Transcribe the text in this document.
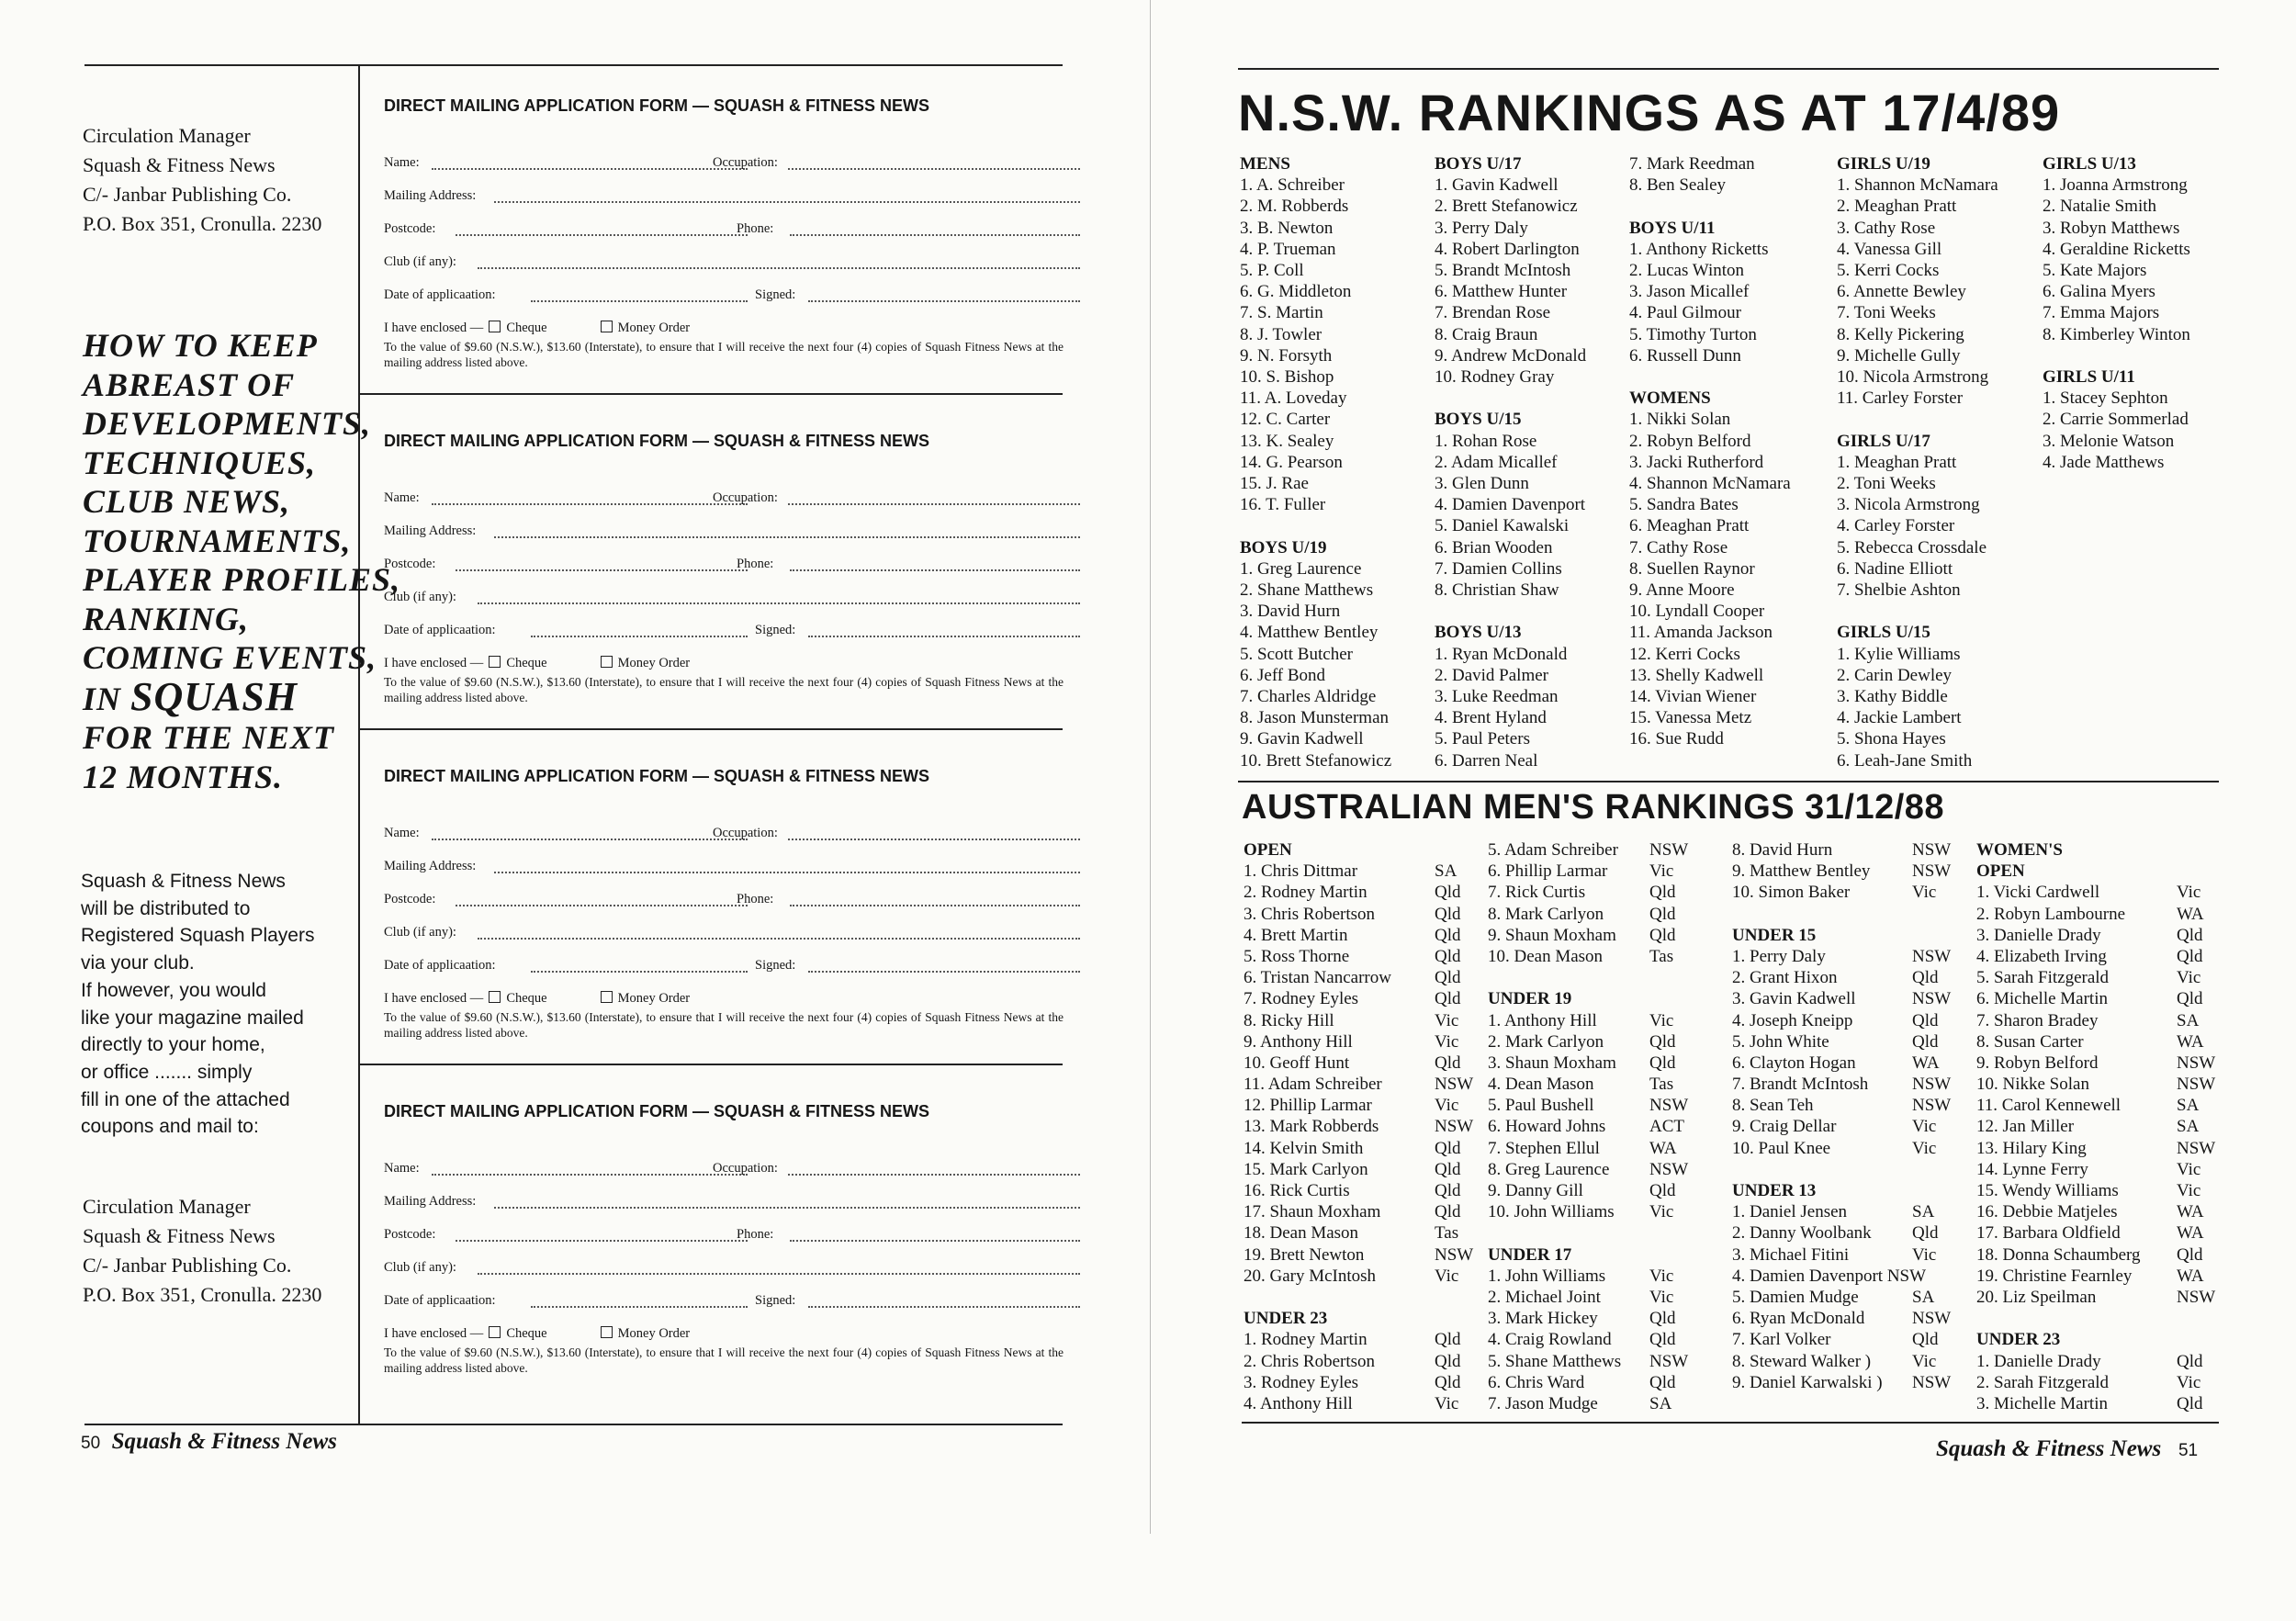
Circulation Manager
Squash & Fitness News
C/- Janbar Publishing Co.
P.O. Box 351, Cronulla. 2230
HOW TO KEEP
ABREAST OF
DEVELOPMENTS,
TECHNIQUES,
CLUB NEWS,
TOURNAMENTS,
PLAYER PROFILES,
RANKING,
COMING EVENTS,
IN SQUASH
FOR THE NEXT
12 MONTHS.
Squash & Fitness News
will be distributed to
Registered Squash Players
via your club.
If however, you would
like your magazine mailed
directly to your home,
or office ....... simply
fill in one of the attached
coupons and mail to:
Circulation Manager
Squash & Fitness News
C/- Janbar Publishing Co.
P.O. Box 351, Cronulla. 2230
DIRECT MAILING APPLICATION FORM — SQUASH & FITNESS NEWS
Name:	Occupation:
Mailing Address:
Postcode:	Phone:
Club (if any):
Date of applicaation:	Signed:
I have enclosed — Cheque	Money Order
To the value of $9.60 (N.S.W.), $13.60 (Interstate), to ensure that I will receive the next four (4) copies of Squash Fitness News at the mailing address listed above.
DIRECT MAILING APPLICATION FORM — SQUASH & FITNESS NEWS
Name:	Occupation:
Mailing Address:
Postcode:	Phone:
Club (if any):
Date of applicaation:	Signed:
I have enclosed — Cheque	Money Order
To the value of $9.60 (N.S.W.), $13.60 (Interstate), to ensure that I will receive the next four (4) copies of Squash Fitness News at the mailing address listed above.
DIRECT MAILING APPLICATION FORM — SQUASH & FITNESS NEWS
Name:	Occupation:
Mailing Address:
Postcode:	Phone:
Club (if any):
Date of applicaation:	Signed:
I have enclosed — Cheque	Money Order
To the value of $9.60 (N.S.W.), $13.60 (Interstate), to ensure that I will receive the next four (4) copies of Squash Fitness News at the mailing address listed above.
DIRECT MAILING APPLICATION FORM — SQUASH & FITNESS NEWS
Name:	Occupation:
Mailing Address:
Postcode:	Phone:
Club (if any):
Date of applicaation:	Signed:
I have enclosed — Cheque	Money Order
To the value of $9.60 (N.S.W.), $13.60 (Interstate), to ensure that I will receive the next four (4) copies of Squash Fitness News at the mailing address listed above.
50 Squash & Fitness News
N.S.W. RANKINGS AS AT 17/4/89
MENS
1. A. Schreiber
2. M. Robberds
3. B. Newton
4. P. Trueman
5. P. Coll
6. G. Middleton
7. S. Martin
8. J. Towler
9. N. Forsyth
10. S. Bishop
11. A. Loveday
12. C. Carter
13. K. Sealey
14. G. Pearson
15. J. Rae
16. T. Fuller
BOYS U/19
1. Greg Laurence
2. Shane Matthews
3. David Hurn
4. Matthew Bentley
5. Scott Butcher
6. Jeff Bond
7. Charles Aldridge
8. Jason Munsterman
9. Gavin Kadwell
10. Brett Stefanowicz
BOYS U/17
1. Gavin Kadwell
2. Brett Stefanowicz
3. Perry Daly
4. Robert Darlington
5. Brandt McIntosh
6. Matthew Hunter
7. Brendan Rose
8. Craig Braun
9. Andrew McDonald
10. Rodney Gray
BOYS U/15
1. Rohan Rose
2. Adam Micallef
3. Glen Dunn
4. Damien Davenport
5. Daniel Kawalski
6. Brian Wooden
7. Damien Collins
8. Christian Shaw
BOYS U/13
1. Ryan McDonald
2. David Palmer
3. Luke Reedman
4. Brent Hyland
5. Paul Peters
6. Darren Neal
7. Mark Reedman
8. Ben Sealey
BOYS U/11
1. Anthony Ricketts
2. Lucas Winton
3. Jason Micallef
4. Paul Gilmour
5. Timothy Turton
6. Russell Dunn
WOMENS
1. Nikki Solan
2. Robyn Belford
3. Jacki Rutherford
4. Shannon McNamara
5. Sandra Bates
6. Meaghan Pratt
7. Cathy Rose
8. Suellen Raynor
9. Anne Moore
10. Lyndall Cooper
11. Amanda Jackson
12. Kerri Cocks
13. Shelly Kadwell
14. Vivian Wiener
15. Vanessa Metz
16. Sue Rudd
GIRLS U/19
1. Shannon McNamara
2. Meaghan Pratt
3. Cathy Rose
4. Vanessa Gill
5. Kerri Cocks
6. Annette Bewley
7. Toni Weeks
8. Kelly Pickering
9. Michelle Gully
10. Nicola Armstrong
11. Carley Forster
GIRLS U/17
1. Meaghan Pratt
2. Toni Weeks
3. Nicola Armstrong
4. Carley Forster
5. Rebecca Crossdale
6. Nadine Elliott
7. Shelbie Ashton
GIRLS U/15
1. Kylie Williams
2. Carin Dewley
3. Kathy Biddle
4. Jackie Lambert
5. Shona Hayes
6. Leah-Jane Smith
GIRLS U/13
1. Joanna Armstrong
2. Natalie Smith
3. Robyn Matthews
4. Geraldine Ricketts
5. Kate Majors
6. Galina Myers
7. Emma Majors
8. Kimberley Winton
GIRLS U/11
1. Stacey Sephton
2. Carrie Sommerlad
3. Melonie Watson
4. Jade Matthews
AUSTRALIAN MEN'S RANKINGS 31/12/88
OPEN
1. Chris Dittmar	SA
2. Rodney Martin	Qld
3. Chris Robertson	Qld
4. Brett Martin	Qld
5. Ross Thorne	Qld
6. Tristan Nancarrow Qld
7. Rodney Eyles	Qld
8. Ricky Hill	Vic
9. Anthony Hill	Vic
10. Geoff Hunt	Qld
11. Adam Schreiber	NSW
12. Phillip Larmar	Vic
13. Mark Robberds	NSW
14. Kelvin Smith	Qld
15. Mark Carlyon	Qld
16. Rick Curtis	Qld
17. Shaun Moxham	Qld
18. Dean Mason	Tas
19. Brett Newton	NSW
20. Gary McIntosh	Vic
UNDER 23
1. Rodney Martin	Qld
2. Chris Robertson	Qld
3. Rodney Eyles	Qld
4. Anthony Hill	Vic
5. Adam Schreiber NSW
6. Phillip Larmar Vic
7. Rick Curtis	Qld
8. Mark Carlyon	Qld
9. Shaun Moxham Qld
10. Dean Mason	Tas
UNDER 19
1. Anthony Hill	Vic
2. Mark Carlyon	Qld
3. Shaun Moxham Qld
4. Dean Mason	Tas
5. Paul Bushell	NSW
6. Howard Johns	ACT
7. Stephen Ellul	WA
8. Greg Laurence NSW
9. Danny Gill	Qld
10. John Williams Vic
UNDER 17
1. John Williams	Vic
2. Michael Joint	Vic
3. Mark Hickey	Qld
4. Craig Rowland Qld
5. Shane Matthews NSW
6. Chris Ward	Qld
7. Jason Mudge	SA
8. David Hurn	NSW
9. Matthew Bentley NSW
10. Simon Baker	Vic
UNDER 15
1. Perry Daly	NSW
2. Grant Hixon	Qld
3. Gavin Kadwell	NSW
4. Joseph Kneipp	Qld
5. John White	Qld
6. Clayton Hogan	WA
7. Brandt McIntosh	NSW
8. Sean Teh	NSW
9. Craig Dellar	Vic
10. Paul Knee	Vic
UNDER 13
1. Daniel Jensen	SA
2. Danny Woolbank Qld
3. Michael Fitini	Vic
4. Damien Davenport NSW
5. Damien Mudge	SA
6. Ryan McDonald	NSW
7. Karl Volker	Qld
8. Steward Walker ) Vic
9. Daniel Karwalski ) NSW
WOMEN'S
OPEN
1. Vicki Cardwell	Vic
2. Robyn Lambourne	WA
3. Danielle Drady	Qld
4. Elizabeth Irving	Qld
5. Sarah Fitzgerald	Vic
6. Michelle Martin	Qld
7. Sharon Bradey	SA
8. Susan Carter	WA
9. Robyn Belford	NSW
10. Nikke Solan	NSW
11. Carol Kennewell	SA
12. Jan Miller	SA
13. Hilary King	NSW
14. Lynne Ferry	Vic
15. Wendy Williams	Vic
16. Debbie Matjeles	WA
17. Barbara Oldfield	WA
18. Donna Schaumberg Qld
19. Christine Fearnley	WA
20. Liz Speilman	NSW
UNDER 23
1. Danielle Drady	Qld
2. Sarah Fitzgerald	Vic
3. Michelle Martin	Qld
Squash & Fitness News 51
